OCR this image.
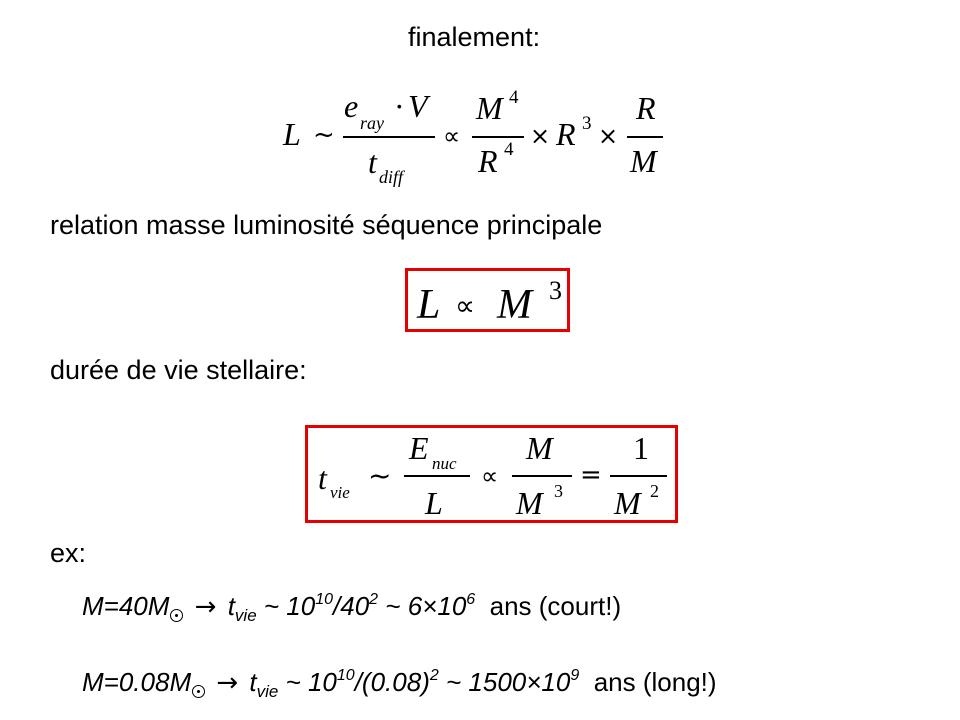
finalement:
L ~
e ray · V
t diff
∝
M 4
R 4 × R 3 ×
R
M
relation masse luminosité séquence principale
L ∝ M 3
durée de vie stellaire:
t vie
~
E nuc
L
∝
M
M 3
=
1
M 2
ex:
$M=40M \to t_{vie}$ ~ $10^{10}/40^2$ ~ $6\times 10^6$  ans (court!)
$M=0.08M \to t_{vie}$ ~ $10^{10}/(0.08)^2$ ~ $1500\times 10^9$  ans (long!)
